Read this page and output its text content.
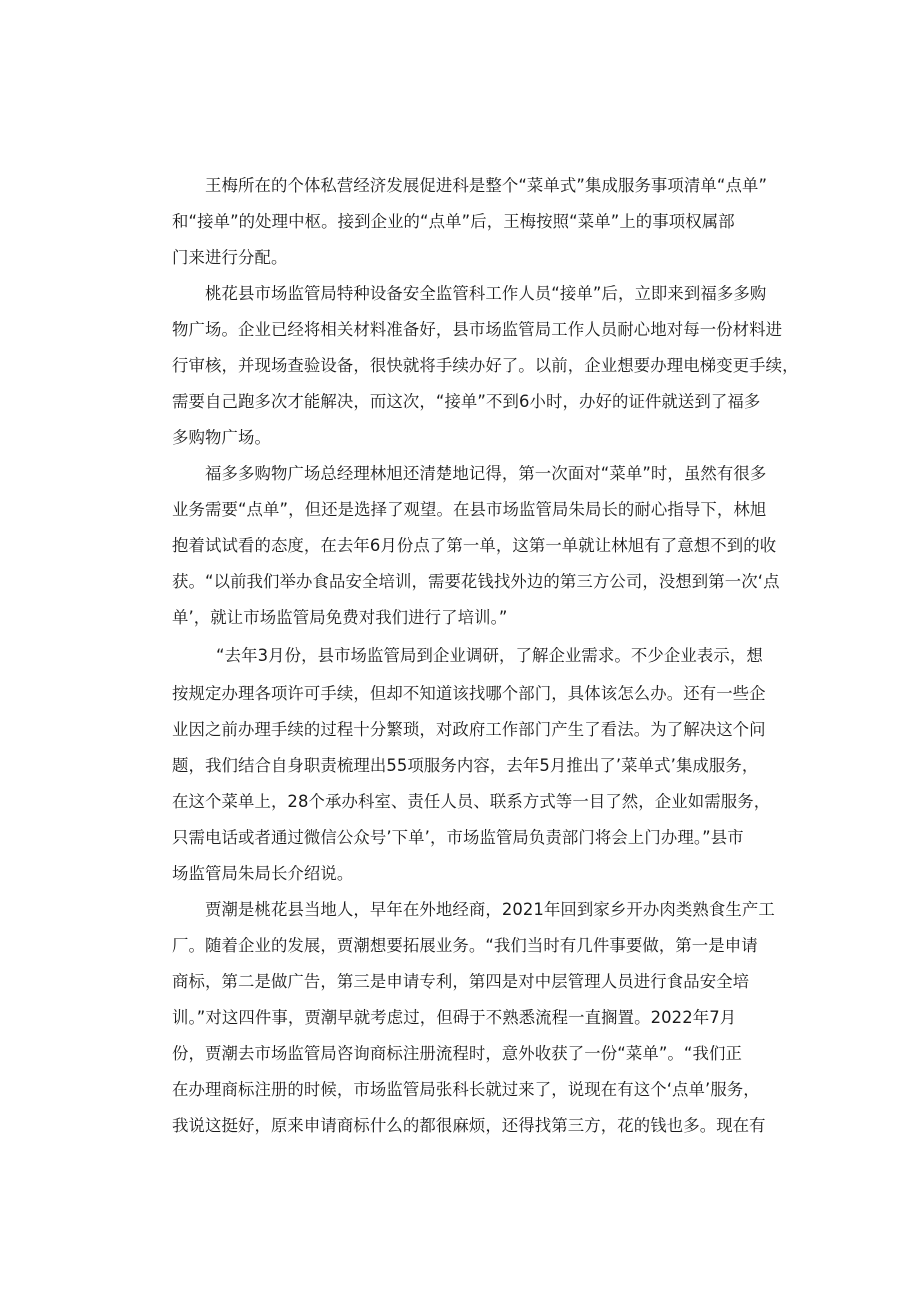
王梅所在的个体私营经济发展促进科是整个“菜单式”集成服务事项清单“点单”
和“接单”的处理中枢。接到企业的“点单”后，王梅按照“菜单”上的事项权属部
门来进行分配。
桃花县市场监管局特种设备安全监管科工作人员“接单”后，立即来到福多多购
物广场。企业已经将相关材料准备好，县市场监管局工作人员耐心地对每一份材料进
行审核，并现场查验设备，很快就将手续办好了。以前，企业想要办理电梯变更手续，
需要自己跑多次才能解决，而这次，“接单”不到6小时，办好的证件就送到了福多
多购物广场。
福多多购物广场总经理林旭还清楚地记得，第一次面对“菜单”时，虽然有很多
业务需要“点单”，但还是选择了观望。在县市场监管局朱局长的耐心指导下，林旭
抱着试试看的态度，在去年6月份点了第一单，这第一单就让林旭有了意想不到的收
获。“以前我们举办食品安全培训，需要花钱找外边的第三方公司，没想到第一次‘点
单’，就让市场监管局免费对我们进行了培训。”
“去年3月份，县市场监管局到企业调研，了解企业需求。不少企业表示，想
按规定办理各项许可手续，但却不知道该找哪个部门，具体该怎么办。还有一些企
业因之前办理手续的过程十分繁琐，对政府工作部门产生了看法。为了解决这个问
题，我们结合自身职责梳理出55项服务内容，去年5月推出了’菜单式’集成服务，
在这个菜单上，28个承办科室、责任人员、联系方式等一目了然，企业如需服务，
只需电话或者通过微信公众号’下单’，市场监管局负责部门将会上门办理。”县市
场监管局朱局长介绍说。
贾潮是桃花县当地人，早年在外地经商，2021年回到家乡开办肉类熟食生产工
厂。随着企业的发展，贾潮想要拓展业务。“我们当时有几件事要做，第一是申请
商标，第二是做广告，第三是申请专利，第四是对中层管理人员进行食品安全培
训。”对这四件事，贾潮早就考虑过，但碍于不熟悉流程一直搁置。2022年7月
份，贾潮去市场监管局咨询商标注册流程时，意外收获了一份“菜单”。“我们正
在办理商标注册的时候，市场监管局张科长就过来了，说现在有这个‘点单’服务，
我说这挺好，原来申请商标什么的都很麻烦，还得找第三方，花的钱也多。现在有
